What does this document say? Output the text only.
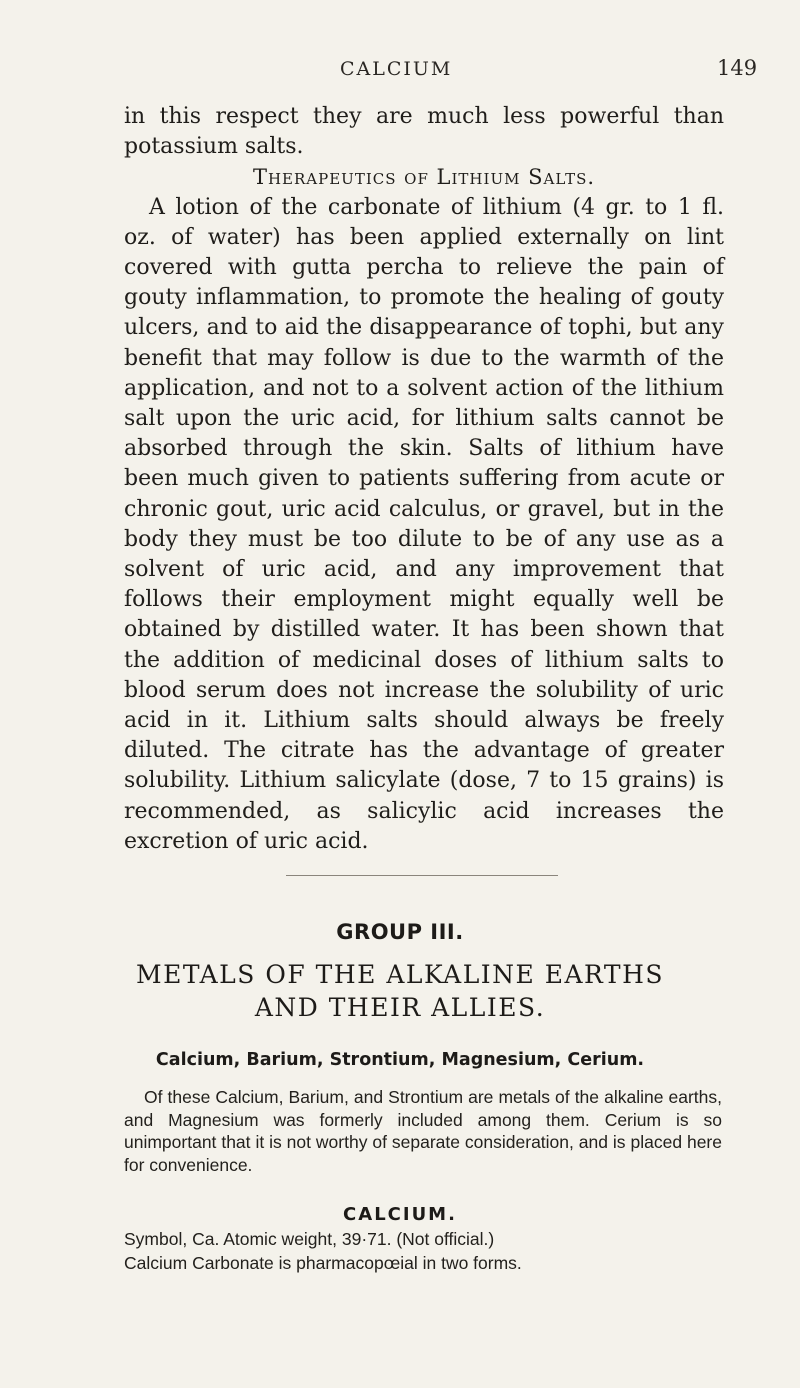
CALCIUM	149

in this respect they are much less powerful than potassium salts.

Therapeutics of Lithium Salts.

A lotion of the carbonate of lithium (4 gr. to 1 fl. oz. of water) has been applied externally on lint covered with gutta percha to relieve the pain of gouty inflammation, to promote the healing of gouty ulcers, and to aid the disappearance of tophi, but any benefit that may follow is due to the warmth of the application, and not to a solvent action of the lithium salt upon the uric acid, for lithium salts cannot be absorbed through the skin. Salts of lithium have been much given to patients suffering from acute or chronic gout, uric acid calculus, or gravel, but in the body they must be too dilute to be of any use as a solvent of uric acid, and any improvement that follows their employment might equally well be obtained by distilled water. It has been shown that the addition of medicinal doses of lithium salts to blood serum does not increase the solubility of uric acid in it. Lithium salts should always be freely diluted. The citrate has the advantage of greater solubility. Lithium salicylate (dose, 7 to 15 grains) is recommended, as salicylic acid increases the excretion of uric acid.

GROUP III.
METALS OF THE ALKALINE EARTHS
AND THEIR ALLIES.
Calcium, Barium, Strontium, Magnesium, Cerium.

Of these Calcium, Barium, and Strontium are metals of the alkaline earths, and Magnesium was formerly included among them. Cerium is so unimportant that it is not worthy of separate consideration, and is placed here for convenience.

CALCIUM.

Symbol, Ca. Atomic weight, 39·71. (Not official.)

Calcium Carbonate is pharmacopœial in two forms.
